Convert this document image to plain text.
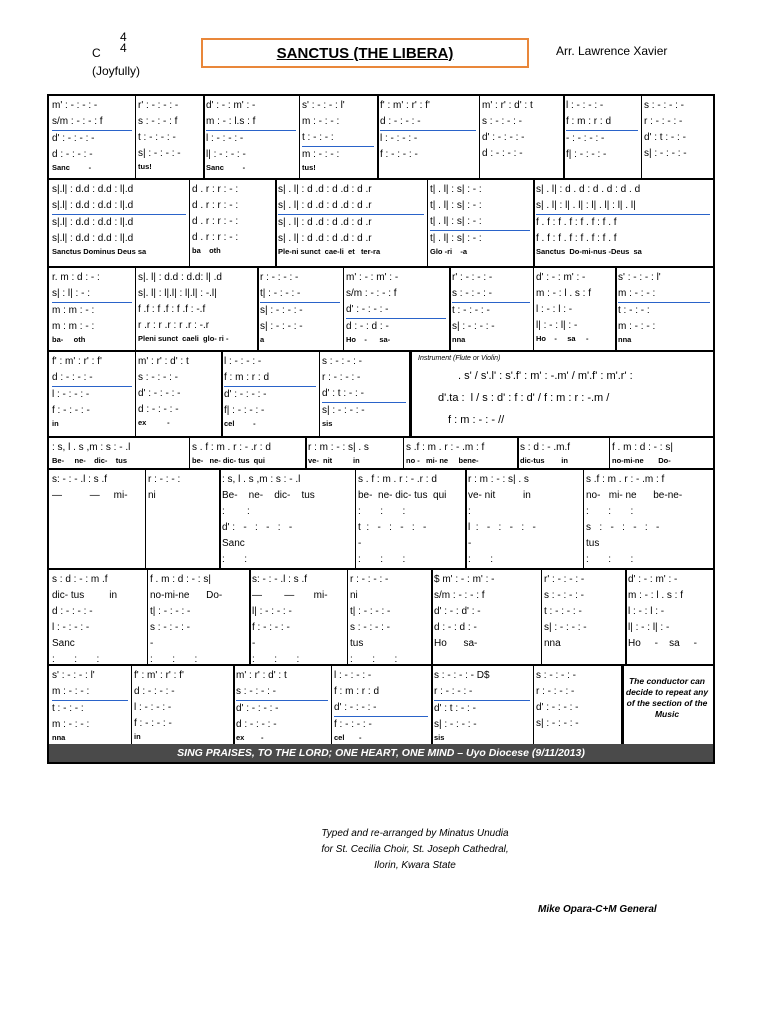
C
4
4
(Joyfully)
SANCTUS (THE LIBERA)	Arr. Lawrence Xavier
m' : - : - : -
s/m : - : - : f
d' : - : - : -
d : - : - : -
Sanc         -
r' : - : - : -
s : - : - : f
t : - : - : -
s| : - : - : -
tus!
d' : - : m' : -
m : - : l.s : f
l : - : - : -
l| : - : - : -
Sanc         -
s' : - : - : l'
m : - : - :
t : - : - :
m : - : - :
tus!
f' : m' : r' : f'
d : - : - : -
l : - : - : -
f : - : - : -
m' : r' : d' : t
s : - : - : -
d' : - : - : -
d : - : - : -
l : - : - : -
f : m : r : d
- : - : - : -
f| : - : - : -
s : - : - : -
r : - : - : -
d' : t : - : -
s| : - : - : -
s|.l| : d.d : d.d : l|.d
s|.l| : d.d : d.d : l|.d
s|.l| : d.d : d.d : l|.d
s|.l| : d.d : d.d : l|.d
Sanctus Dominus Deus sa
d . r : r : - :
d . r : r : - :
d . r : r : - :
d . r : r : - :
ba    oth
s| . l| : d .d : d .d : d .r
s| . l| : d .d : d .d : d .r
s| . l| : d .d : d .d : d .r
s| . l| : d .d : d .d : d .r
Ple-ni sunct  cae-li  et   ter-ra
t| . l| : s| : - :
t| . l| : s| : - :
t| . l| : s| : - :
t| . l| : s| : - :
Glo -ri    -a
s| . l| : d . d : d . d : d . d
s| . l| : l| . l| : l| . l| : l| . l|
f . f : f . f : f . f : f . f
f . f : f . f : f . f : f . f
Sanctus  Do-mi-nus -Deus  sa
r. m : d : - :
s| : l| : - :
m : m : - :
m : m : - :
ba-     oth
s|. l| : d.d : d.d: l| .d
s|. l| : l|.l| : l|.l| : -.l|
f .f : f .f : f .f : -.f
r .r : r .r : r .r : -.r
Pleni sunct  caeli  glo- ri -
r : - : - : -
t| : - : - : -
s| : - : - : -
s| : - : - : -
a
m' : - : m' : -
s/m : - : - : f
d' : - : - : -
d : - : d : -
Ho    -      sa-
r' : - : - : -
s : - : - : -
t : - : - : -
s| : - : - : -
nna
d' : - : m' : -
m : - : l . s : f
l : - : l : -
l| : - : l| : -
Ho    -     sa     -
s' : - : - : l'
m : - : - :
t : - : - :
m : - : - :
nna
f' : m' : r' : f'
d : - : - : -
l : - : - : -
f : - : - : -
in
m' : r' : d' : t
s : - : - : -
d' : - : - : -
d : - : - : -
ex          -
l : - : - : -
f : m : r : d
d' : - : - : -
f| : - : - : -
cel         -
s : - : - : -
r : - : - : -
d' : t : - : -
s| : - : - : -
sis
Instrument (Flute or Violin)
. s' / s'.l' : s'.f' : m' : -.m' / m'.f' : m'.r' :
d'.ta :  l / s : d' : f : d' / f : m : r : -.m /
f : m : - : - //
: s, l . s ,m : s : - .l
Be-     ne-    dic-    tus
s . f : m . r : - .r : d
be-   ne- dic- tus  qui
r : m : - : s| . s
ve-  nit          in
s .f : m . r : - .m : f
no -   mi- ne     bene-
s : d : - .m.f
dic-tus        in
f . m : d : - : s|
no-mi-ne       Do-
s: - : - .l : s .f
—          —     mi-
r : - : - :
ni
: s, l . s ,m : s : - .l
Be-    ne-    dic-    tus
:        :
d' :   -   :   -   :   -
Sanc
:       :
s . f : m . r : - .r : d
be-  ne- dic- tus  qui
:       :       :
t  :   -   :   -   :   -
-
:       :       :
r : m : - : s| . s
ve- nit          in
:
l  :   -   :   -   :   -
-
:       :
s .f : m . r : - .m : f
no-   mi- ne      be-ne-
:       :       :
s   :   -   :   -   :   -
tus
:       :       :
s : d : - : m .f
dic- tus         in
d : - : - : -
l : - : - : -
Sanc
:       :       :
f . m : d : - : s|
no-mi-ne      Do-
t| : - : - : -
s : - : - : -
-
:       :       :
s: - : - .l : s .f
—        —       mi-
l| : - : - : -
f : - : - : -
-
:       :       :
r : - : - : -
ni
t| : - : - : -
s : - : - : -
tus
:       :       :
$ m' : - : m' : -
s/m : - : - : f
d' : - : d' : -
d : - : d : -
Ho      sa-
r' : - : - : -
s : - : - : -
t : - : - : -
s| : - : - : -
nna
d' : - : m' : -
m : - : l . s : f
l : - : l : -
l| : - : l| : -
Ho     -    sa     -
s' : - : - : l'
m : - : - :
t : - : - :
m : - : - :
nna
f' : m' : r' : f'
d : - : - : -
l : - : - : -
f : - : - : -
in
m' : r' : d' : t
s : - : - : -
d' : - : - : -
d : - : - : -
ex        -
l : - : - : -
f : m : r : d
d' : - : - : -
f : - : - : -
cel       -
s : - : - : - D$
r : - : - : -
d' : t : - : -
s| : - : - : -
sis
s : - : - : -
r : - : - : -
d' : - : - : -
s| : - : - : -
The conductor can decide to repeat any of the section of the Music
SING PRAISES, TO THE LORD; ONE HEART, ONE MIND – Uyo Diocese (9/11/2013)
Typed and re-arranged by Minatus Unudia
for St. Cecilia Choir, St. Joseph Cathedral,
Ilorin, Kwara State
Mike Opara-C+M General
